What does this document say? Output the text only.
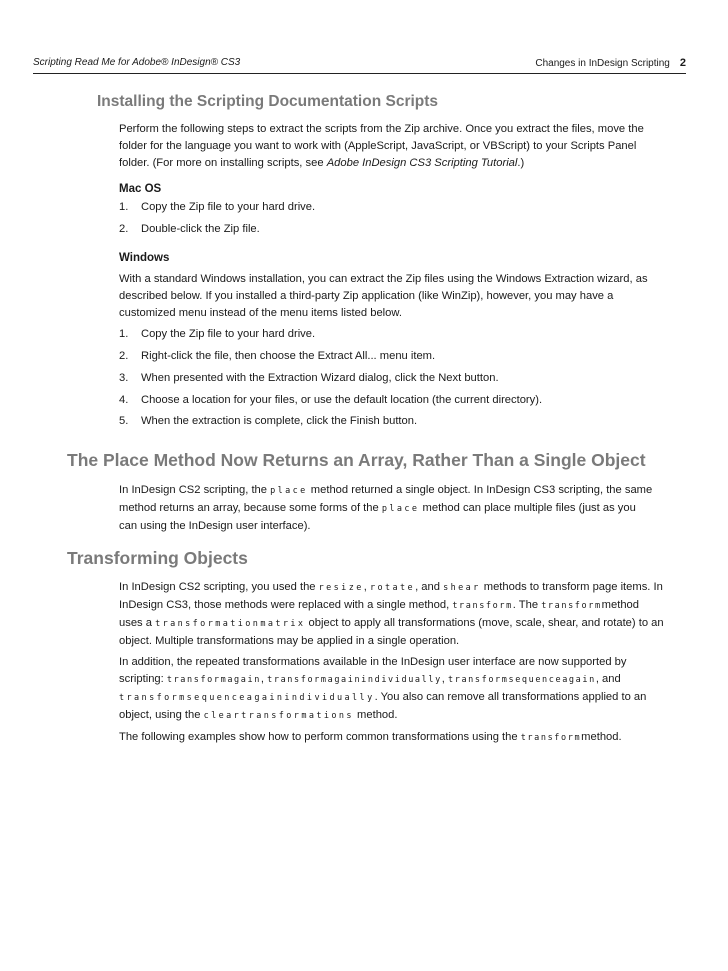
Scripting Read Me for Adobe® InDesign® CS3	Changes in InDesign Scripting 2
Installing the Scripting Documentation Scripts
Perform the following steps to extract the scripts from the Zip archive. Once you extract the files, move the
folder for the language you want to work with (AppleScript, JavaScript, or VBScript) to your Scripts Panel
folder. (For more on installing scripts, see Adobe InDesign CS3 Scripting Tutorial.)
Mac OS
1. Copy the Zip file to your hard drive.
2. Double-click the Zip file.
Windows
With a standard Windows installation, you can extract the Zip files using the Windows Extraction wizard, as
described below. If you installed a third-party Zip application (like WinZip), however, you may have a
customized menu instead of the menu items listed below.
1. Copy the Zip file to your hard drive.
2. Right-click the file, then choose the Extract All... menu item.
3. When presented with the Extraction Wizard dialog, click the Next button.
4. Choose a location for your files, or use the default location (the current directory).
5. When the extraction is complete, click the Finish button.
The Place Method Now Returns an Array, Rather Than a Single Object
In InDesign CS2 scripting, the place method returned a single object. In InDesign CS3 scripting, the same
method returns an array, because some forms of the place method can place multiple files (just as you
can using the InDesign user interface).
Transforming Objects
In InDesign CS2 scripting, you used the resize, rotate, and shear methods to transform page items. In
InDesign CS3, those methods were replaced with a single method, transform. The transformmethod
uses a transformationmatrix object to apply all transformations (move, scale, shear, and rotate) to an
object. Multiple transformations may be applied in a single operation.
In addition, the repeated transformations available in the InDesign user interface are now supported by
scripting: transformagain, transformagainindividually, transformsequenceagain, and
transformsequenceagainindividually. You also can remove all transformations applied to an
object, using the cleartransformations method.
The following examples show how to perform common transformations using the transformmethod.
